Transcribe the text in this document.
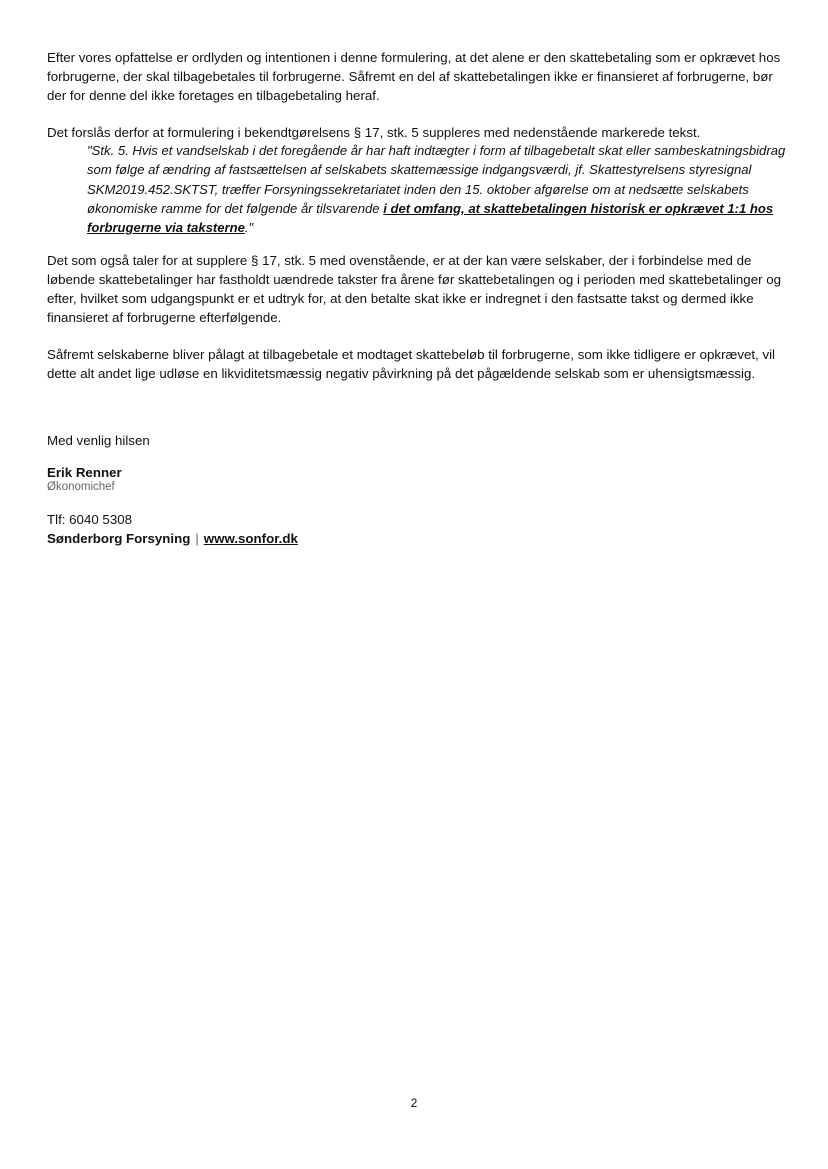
Efter vores opfattelse er ordlyden og intentionen i denne formulering, at det alene er den skattebetaling som er opkrævet hos forbrugerne, der skal tilbagebetales til forbrugerne. Såfremt en del af skattebetalingen ikke er finansieret af forbrugerne, bør der for denne del ikke foretages en tilbagebetaling heraf.

Det forslås derfor at formulering i bekendtgørelsens § 17, stk. 5 suppleres med nedenstående markerede tekst.

"Stk. 5. Hvis et vandselskab i det foregående år har haft indtægter i form af tilbagebetalt skat eller sambeskatningsbidrag som følge af ændring af fastsættelsen af selskabets skattemæssige indgangsværdi, jf. Skattestyrelsens styresignal SKM2019.452.SKTST, træffer Forsyningssekretariatet inden den 15. oktober afgørelse om at nedsætte selskabets økonomiske ramme for det følgende år tilsvarende i det omfang, at skattebetalingen historisk er opkrævet 1:1 hos forbrugerne via taksterne."

Det som også taler for at supplere § 17, stk. 5 med ovenstående, er at der kan være selskaber, der i forbindelse med de løbende skattebetalinger har fastholdt uændrede takster fra årene før skattebetalingen og i perioden med skattebetalinger og efter, hvilket som udgangspunkt er et udtryk for, at den betalte skat ikke er indregnet i den fastsatte takst og dermed ikke finansieret af forbrugerne efterfølgende.

Såfremt selskaberne bliver pålagt at tilbagebetale et modtaget skattebeløb til forbrugerne, som ikke tidligere er opkrævet, vil dette alt andet lige udløse en likviditetsmæssig negativ påvirkning på det pågældende selskab som er uhensigtsmæssig.

Med venlig hilsen
Erik Renner
Økonomichef
Tlf: 6040 5308
Sønderborg Forsyning | www.sonfor.dk
2
